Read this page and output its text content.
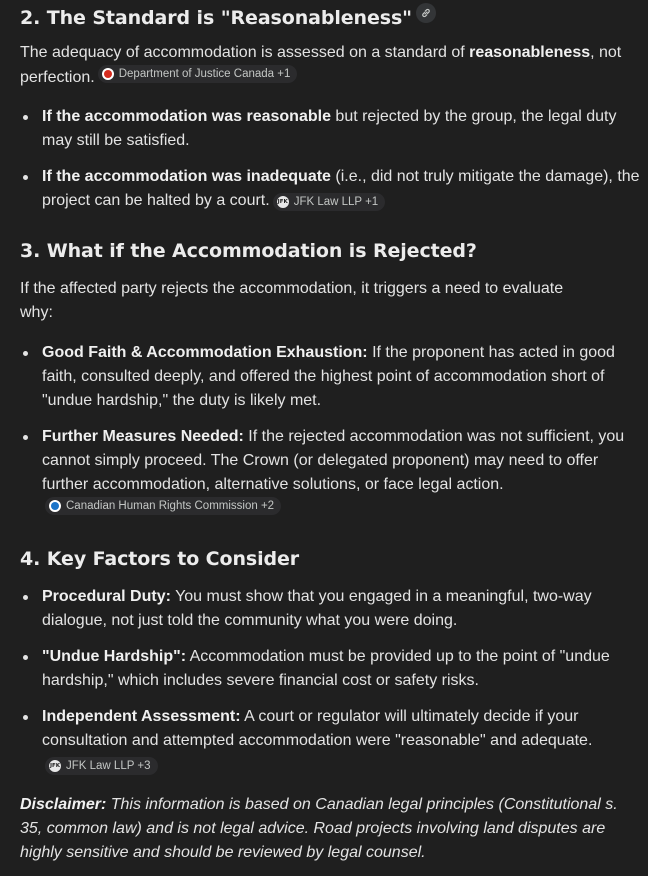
2. The Standard is "Reasonableness"

The adequacy of accommodation is assessed on a standard of reasonableness, not perfection. Department of Justice Canada +1

If the accommodation was reasonable but rejected by the group, the legal duty may still be satisfied.
If the accommodation was inadequate (i.e., did not truly mitigate the damage), the project can be halted by a court. JFK JFK Law LLP +1
3. What if the Accommodation is Rejected?

If the affected party rejects the accommodation, it triggers a need to evaluate why:

Good Faith & Accommodation Exhaustion: If the proponent has acted in good faith, consulted deeply, and offered the highest point of accommodation short of "undue hardship," the duty is likely met.
Further Measures Needed: If the rejected accommodation was not sufficient, you cannot simply proceed. The Crown (or delegated proponent) may need to offer further accommodation, alternative solutions, or face legal action.
Canadian Human Rights Commission +2
4. Key Factors to Consider
Procedural Duty: You must show that you engaged in a meaningful, two-way dialogue, not just told the community what you were doing.
"Undue Hardship": Accommodation must be provided up to the point of "undue hardship," which includes severe financial cost or safety risks.
Independent Assessment: A court or regulator will ultimately decide if your consultation and attempted accommodation were "reasonable" and adequate.
JFK JFK Law LLP +3

Disclaimer: This information is based on Canadian legal principles (Constitutional s. 35, common law) and is not legal advice. Road projects involving land disputes are highly sensitive and should be reviewed by legal counsel.
